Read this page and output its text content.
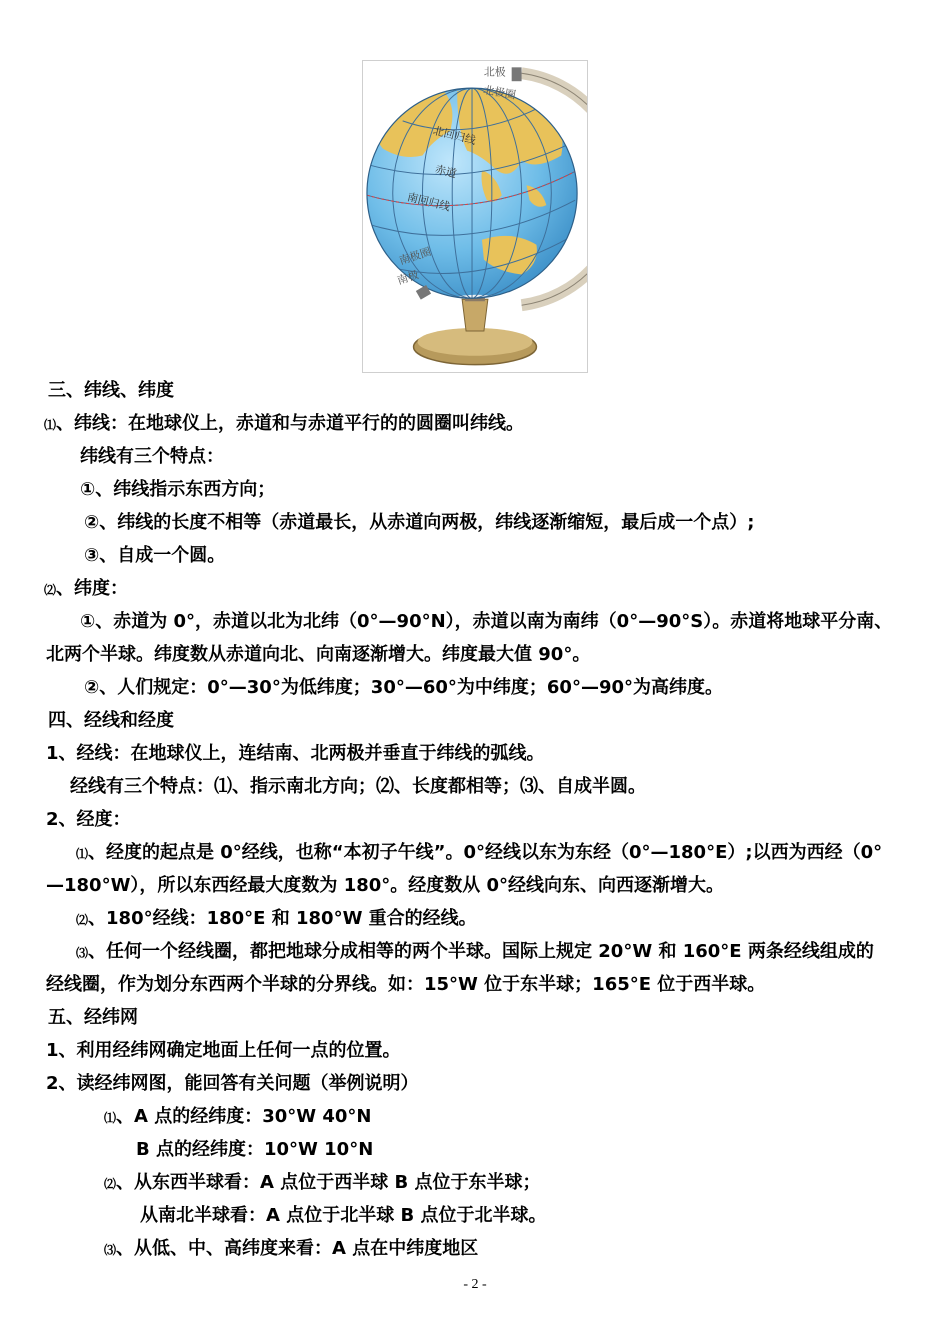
北极
北极圈
北回归线
赤道
南回归线
南极圈
南极
三、纬线、纬度
⑴、纬线：在地球仪上，赤道和与赤道平行的的圆圈叫纬线。
纬线有三个特点：
①、纬线指示东西方向；
②、纬线的长度不相等（赤道最长，从赤道向两极，纬线逐渐缩短，最后成一个点）;
③、自成一个圆。
⑵、纬度：
①、赤道为 0°，赤道以北为北纬（0°—90°N），赤道以南为南纬（0°—90°S）。赤道将地球平分南、
北两个半球。纬度数从赤道向北、向南逐渐增大。纬度最大值 90°。
②、人们规定：0°—30°为低纬度；30°—60°为中纬度；60°—90°为高纬度。
四、经线和经度
1、经线：在地球仪上，连结南、北两极并垂直于纬线的弧线。
经线有三个特点：⑴、指示南北方向；⑵、长度都相等；⑶、自成半圆。
2、经度：
⑴、经度的起点是 0°经线，也称“本初子午线”。0°经线以东为东经（0°—180°E）;以西为西经（0°
—180°W），所以东西经最大度数为 180°。经度数从 0°经线向东、向西逐渐增大。
⑵、180°经线：180°E 和 180°W 重合的经线。
⑶、任何一个经线圈，都把地球分成相等的两个半球。国际上规定 20°W 和 160°E 两条经线组成的
经线圈，作为划分东西两个半球的分界线。如：15°W 位于东半球；165°E 位于西半球。
五、经纬网
1、利用经纬网确定地面上任何一点的位置。
2、读经纬网图，能回答有关问题（举例说明）
⑴、A 点的经纬度：30°W 40°N
B 点的经纬度：10°W 10°N
⑵、从东西半球看：A 点位于西半球 B 点位于东半球；
从南北半球看：A 点位于北半球 B 点位于北半球。
⑶、从低、中、高纬度来看：A 点在中纬度地区
- 2 -
